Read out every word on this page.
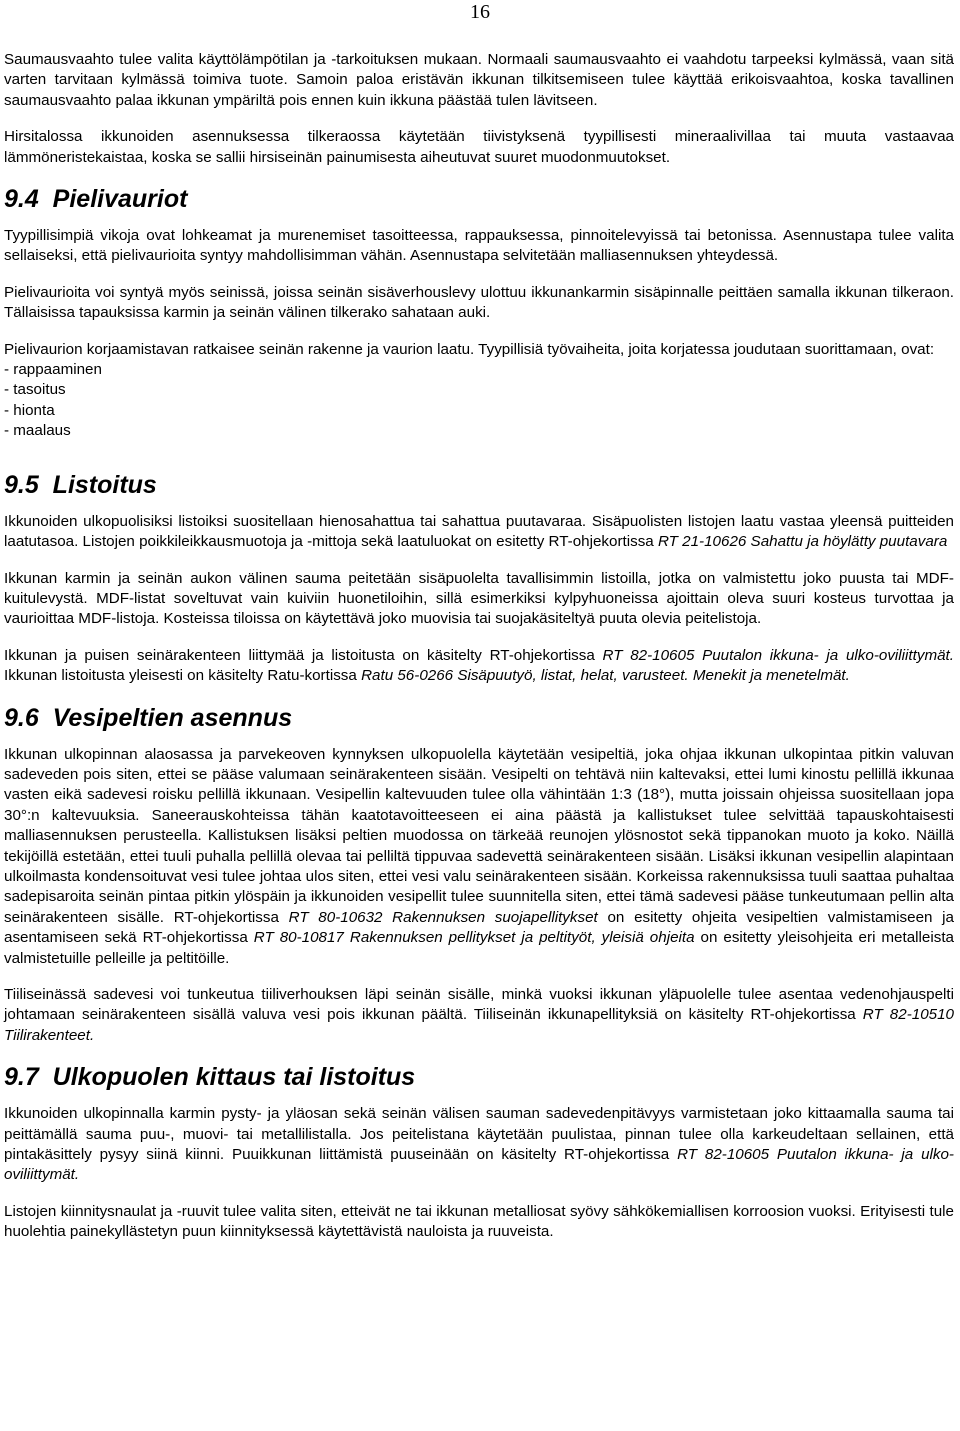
16

Saumausvaahto tulee valita käyttölämpötilan ja -tarkoituksen mukaan. Normaali saumausvaahto ei vaahdotu tarpeeksi kylmässä, vaan sitä varten tarvitaan kylmässä toimiva tuote. Samoin paloa eristävän ikkunan tilkitsemiseen tulee käyttää erikoisvaahtoa, koska tavallinen saumausvaahto palaa ikkunan ympäriltä pois ennen kuin ikkuna päästää tulen lävitseen.

Hirsitalossa ikkunoiden asennuksessa tilkeraossa käytetään tiivistyksenä tyypillisesti mineraalivillaa tai muuta vastaavaa lämmöneristekaistaa, koska se sallii hirsiseinän painumisesta aiheutuvat suuret muodonmuutokset.

9.4 Pielivauriot

Tyypillisimpiä vikoja ovat lohkeamat ja murenemiset tasoitteessa, rappauksessa, pinnoitelevyissä tai betonissa. Asennustapa tulee valita sellaiseksi, että pielivaurioita syntyy mahdollisimman vähän. Asennustapa selvitetään malliasennuksen yhteydessä.

Pielivaurioita voi syntyä myös seinissä, joissa seinän sisäverhouslevy ulottuu ikkunankarmin sisäpinnalle peittäen samalla ikkunan tilkeraon. Tällaisissa tapauksissa karmin ja seinän välinen tilkerako sahataan auki.

Pielivaurion korjaamistavan ratkaisee seinän rakenne ja vaurion laatu. Tyypillisiä työvaiheita, joita korjatessa joudutaan suorittamaan, ovat:

- rappaaminen
- tasoitus
- hionta
- maalaus
9.5 Listoitus

Ikkunoiden ulkopuolisiksi listoiksi suositellaan hienosahattua tai sahattua puutavaraa. Sisäpuolisten listojen laatu vastaa yleensä puitteiden laatutasoa. Listojen poikkileikkausmuotoja ja -mittoja sekä laatuluokat on esitetty RT-ohjekortissa RT 21-10626 Sahattu ja höylätty puutavara

Ikkunan karmin ja seinän aukon välinen sauma peitetään sisäpuolelta tavallisimmin listoilla, jotka on valmistettu joko puusta tai MDF-kuitulevystä. MDF-listat soveltuvat vain kuiviin huonetiloihin, sillä esimerkiksi kylpyhuoneissa ajoittain oleva suuri kosteus turvottaa ja vaurioittaa MDF-listoja. Kosteissa tiloissa on käytettävä joko muovisia tai suojakäsiteltyä puuta olevia peitelistoja.

Ikkunan ja puisen seinärakenteen liittymää ja listoitusta on käsitelty RT-ohjekortissa RT 82-10605 Puutalon ikkuna- ja ulko-oviliittymät. Ikkunan listoitusta yleisesti on käsitelty Ratu-kortissa Ratu 56-0266 Sisäpuutyö, listat, helat, varusteet. Menekit ja menetelmät.

9.6 Vesipeltien asennus

Ikkunan ulkopinnan alaosassa ja parvekeoven kynnyksen ulkopuolella käytetään vesipeltiä, joka ohjaa ikkunan ulkopintaa pitkin valuvan sadeveden pois siten, ettei se pääse valumaan seinärakenteen sisään. Vesipelti on tehtävä niin kaltevaksi, ettei lumi kinostu pellillä ikkunaa vasten eikä sadevesi roisku pellillä ikkunaan. Vesipellin kaltevuuden tulee olla vähintään 1:3 (18°), mutta joissain ohjeissa suositellaan jopa 30°:n kaltevuuksia. Saneerauskohteissa tähän kaatotavoitteeseen ei aina päästä ja kallistukset tulee selvittää tapauskohtaisesti malliasennuksen perusteella. Kallistuksen lisäksi peltien muodossa on tärkeää reunojen ylösnostot sekä tippanokan muoto ja koko. Näillä tekijöillä estetään, ettei tuuli puhalla pellillä olevaa tai pelliltä tippuvaa sadevettä seinärakenteen sisään. Lisäksi ikkunan vesipellin alapintaan ulkoilmasta kondensoituvat vesi tulee johtaa ulos siten, ettei vesi valu seinärakenteen sisään. Korkeissa rakennuksissa tuuli saattaa puhaltaa sadepisaroita seinän pintaa pitkin ylöspäin ja ikkunoiden vesipellit tulee suunnitella siten, ettei tämä sadevesi pääse tunkeutumaan pellin alta seinärakenteen sisälle. RT-ohjekortissa RT 80-10632 Rakennuksen suojapellitykset on esitetty ohjeita vesipeltien valmistamiseen ja asentamiseen sekä RT-ohjekortissa RT 80-10817 Rakennuksen pellitykset ja peltityöt, yleisiä ohjeita on esitetty yleisohjeita eri metalleista valmistetuille pelleille ja peltitöille.

Tiiliseinässä sadevesi voi tunkeutua tiiliverhouksen läpi seinän sisälle, minkä vuoksi ikkunan yläpuolelle tulee asentaa vedenohjauspelti johtamaan seinärakenteen sisällä valuva vesi pois ikkunan päältä. Tiiliseinän ikkunapellityksiä on käsitelty RT-ohjekortissa RT 82-10510 Tiilirakenteet.

9.7 Ulkopuolen kittaus tai listoitus

Ikkunoiden ulkopinnalla karmin pysty- ja yläosan sekä seinän välisen sauman sadevedenpitävyys varmistetaan joko kittaamalla sauma tai peittämällä sauma puu-, muovi- tai metallilistalla. Jos peitelistana käytetään puulistaa, pinnan tulee olla karkeudeltaan sellainen, että pintakäsittely pysyy siinä kiinni. Puuikkunan liittämistä puuseinään on käsitelty RT-ohjekortissa RT 82-10605 Puutalon ikkuna- ja ulko-oviliittymät.

Listojen kiinnitysnaulat ja -ruuvit tulee valita siten, etteivät ne tai ikkunan metalliosat syövy sähkökemiallisen korroosion vuoksi. Erityisesti tule huolehtia painekyllästetyn puun kiinnityksessä käytettävistä nauloista ja ruuveista.
